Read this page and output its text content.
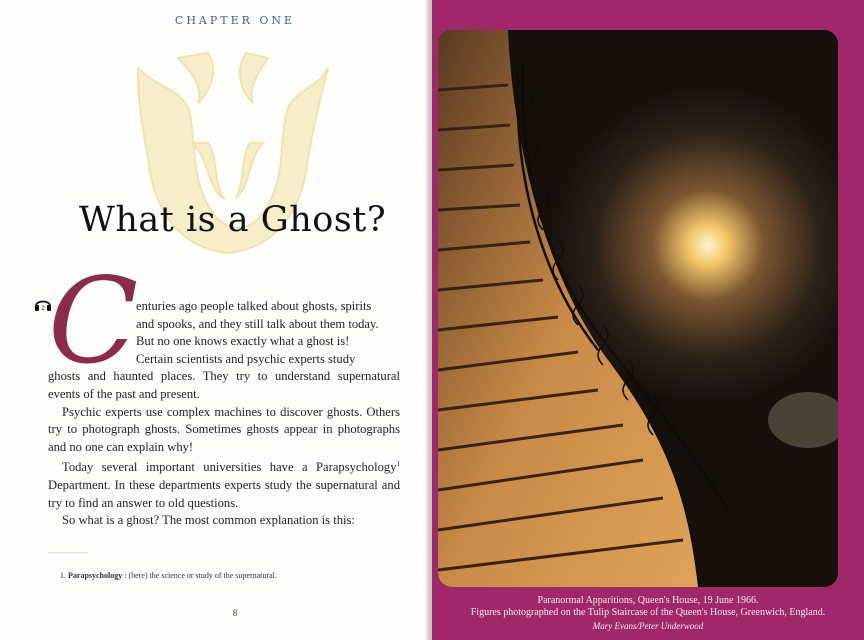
CHAPTER ONE
What is a Ghost?
2 C

enturies ago people talked about ghosts, spirits
and spooks, and they still talk about them today.
But no one knows exactly what a ghost is!

Certain scientists and psychic experts study
ghosts and haunted places. They try to understand supernatural events of the past and present.

Psychic experts use complex machines to discover ghosts. Others try to photograph ghosts. Sometimes ghosts appear in photographs and no one can explain why!

Today several important universities have a Parapsychology$^1$ Department. In these departments experts study the supernatural and try to find an answer to old questions.

So what is a ghost? The most common explanation is this:

1. Parapsychology : (here) the science or study of the supernatural.
8
Paranormal Apparitions, Queen's House, 19 June 1966.
Figures photographed on the Tulip Staircase of the Queen's House, Greenwich, England.
Mary Evans/Peter Underwood
